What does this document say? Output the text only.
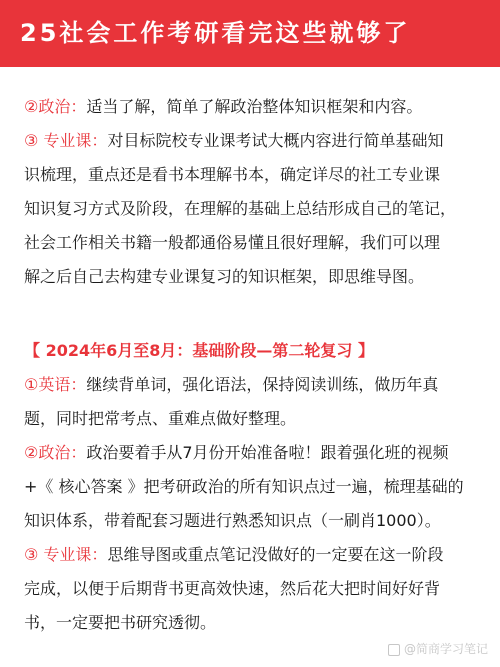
25社会工作考研看完这些就够了
②政治：适当了解，简单了解政治整体知识框架和内容。
③ 专业课：对目标院校专业课考试大概内容进行简单基础知
识梳理，重点还是看书本理解书本，确定详尽的社工专业课
知识复习方式及阶段，在理解的基础上总结形成自己的笔记，
社会工作相关书籍一般都通俗易懂且很好理解，我们可以理
解之后自己去构建专业课复习的知识框架，即思维导图。
【 2024年6月至8月：基础阶段—第二轮复习 】
①英语：继续背单词，强化语法，保持阅读训练，做历年真
题，同时把常考点、重难点做好整理。
②政治：政治要着手从7月份开始准备啦！跟着强化班的视频
+《 核心答案 》把考研政治的所有知识点过一遍，梳理基础的
知识体系，带着配套习题进行熟悉知识点（一刷肖1000）。
③ 专业课：思维导图或重点笔记没做好的一定要在这一阶段
完成，以便于后期背书更高效快速，然后花大把时间好好背
书，一定要把书研究透彻。
@简商学习笔记
